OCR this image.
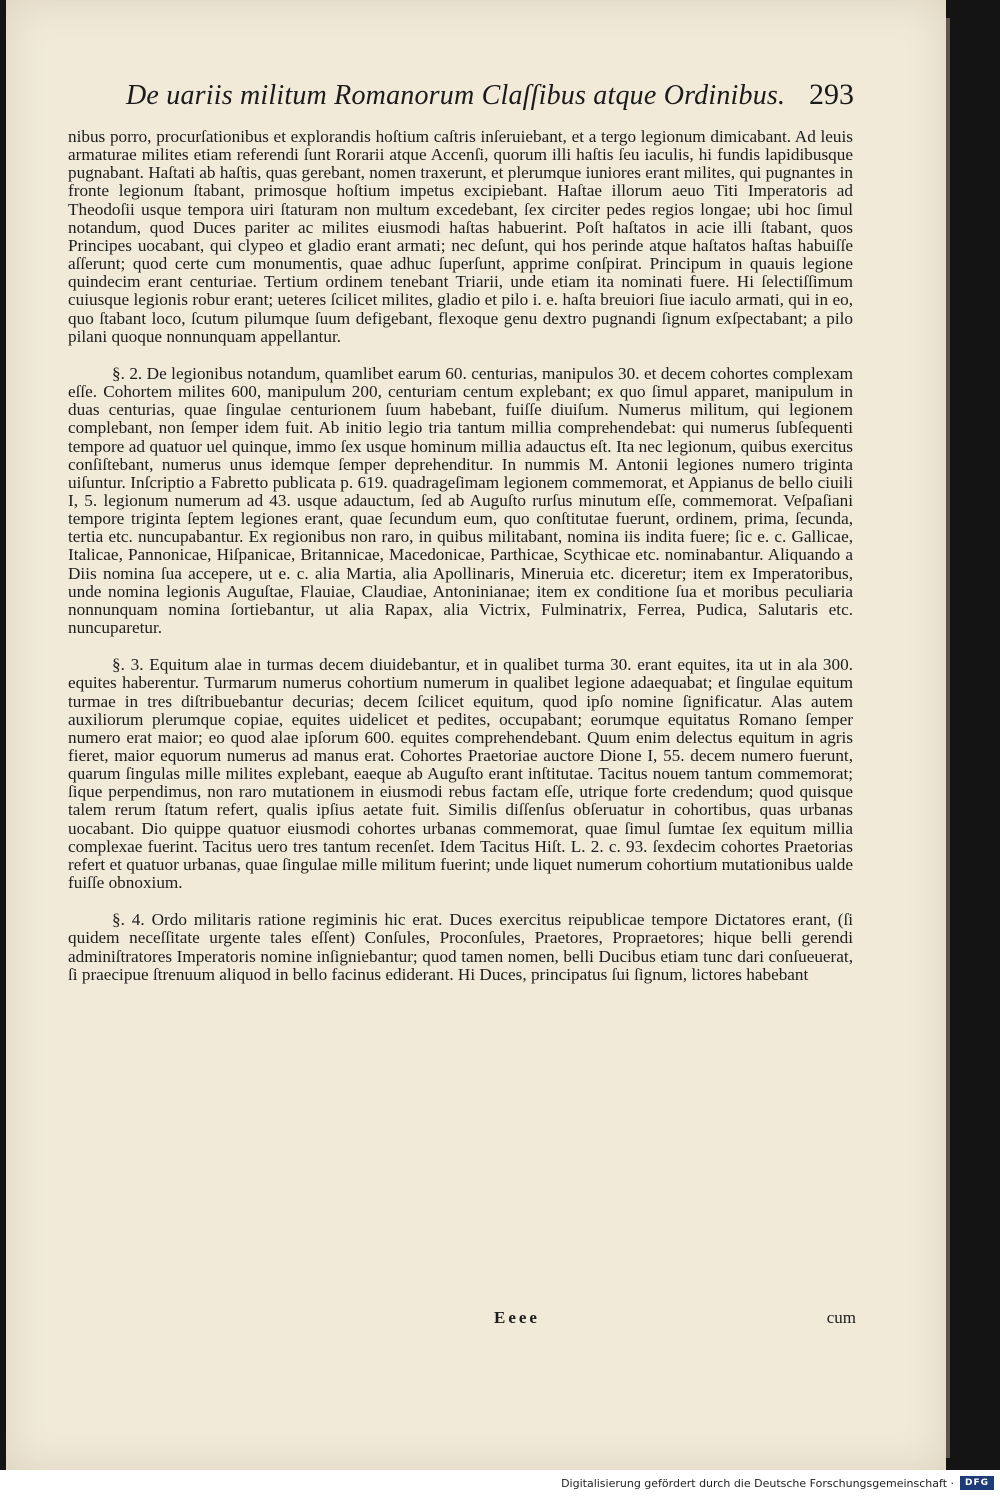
De uariis militum Romanorum Claſſibus atque Ordinibus. 293

nibus porro, procurſationibus et explorandis hoſtium caſtris inſeruiebant, et a tergo legionum dimicabant. Ad leuis armaturae milites etiam referendi ſunt Rorarii atque Accenſi, quorum illi haſtis ſeu iaculis, hi fundis lapidibusque pugnabant. Haſtati ab haſtis, quas gerebant, nomen traxerunt, et plerumque iuniores erant milites, qui pugnantes in fronte legionum ſtabant, primosque hoſtium impetus excipiebant. Haſtae illorum aeuo Titi Imperatoris ad Theodoſii usque tempora uiri ſtaturam non multum excedebant, ſex circiter pedes regios longae; ubi hoc ſimul notandum, quod Duces pariter ac milites eiusmodi haſtas habuerint. Poſt haſtatos in acie illi ſtabant, quos Principes uocabant, qui clypeo et gladio erant armati; nec deſunt, qui hos perinde atque haſtatos haſtas habuiſſe aſſerunt; quod certe cum monumentis, quae adhuc ſuperſunt, apprime conſpirat. Principum in quauis legione quindecim erant centuriae. Tertium ordinem tenebant Triarii, unde etiam ita nominati fuere. Hi ſelectiſſimum cuiusque legionis robur erant; ueteres ſcilicet milites, gladio et pilo i. e. haſta breuiori ſiue iaculo armati, qui in eo, quo ſtabant loco, ſcutum pilumque ſuum defigebant, flexoque genu dextro pugnandi ſignum exſpectabant; a pilo pilani quoque nonnunquam appellantur.

§. 2. De legionibus notandum, quamlibet earum 60. centurias, manipulos 30. et decem cohortes complexam eſſe. Cohortem milites 600, manipulum 200, centuriam centum explebant; ex quo ſimul apparet, manipulum in duas centurias, quae ſingulae centurionem ſuum habebant, fuiſſe diuiſum. Numerus militum, qui legionem complebant, non ſemper idem fuit. Ab initio legio tria tantum millia comprehendebat: qui numerus ſubſequenti tempore ad quatuor uel quinque, immo ſex usque hominum millia adauctus eſt. Ita nec legionum, quibus exercitus conſiſtebant, numerus unus idemque ſemper deprehenditur. In nummis M. Antonii legiones numero triginta uiſuntur. Inſcriptio a Fabretto publicata p. 619. quadrageſimam legionem commemorat, et Appianus de bello ciuili I, 5. legionum numerum ad 43. usque adauctum, ſed ab Auguſto rurſus minutum eſſe, commemorat. Veſpaſiani tempore triginta ſeptem legiones erant, quae ſecundum eum, quo conſtitutae fuerunt, ordinem, prima, ſecunda, tertia etc. nuncupabantur. Ex regionibus non raro, in quibus militabant, nomina iis indita fuere; ſic e. c. Gallicae, Italicae, Pannonicae, Hiſpanicae, Britannicae, Macedonicae, Parthicae, Scythicae etc. nominabantur. Aliquando a Diis nomina ſua accepere, ut e. c. alia Martia, alia Apollinaris, Mineruia etc. diceretur; item ex Imperatoribus, unde nomina legionis Auguſtae, Flauiae, Claudiae, Antoninianae; item ex conditione ſua et moribus peculiaria nonnunquam nomina ſortiebantur, ut alia Rapax, alia Victrix, Fulminatrix, Ferrea, Pudica, Salutaris etc. nuncuparetur.

§. 3. Equitum alae in turmas decem diuidebantur, et in qualibet turma 30. erant equites, ita ut in ala 300. equites haberentur. Turmarum numerus cohortium numerum in qualibet legione adaequabat; et ſingulae equitum turmae in tres diſtribuebantur decurias; decem ſcilicet equitum, quod ipſo nomine ſignificatur. Alas autem auxiliorum plerumque copiae, equites uidelicet et pedites, occupabant; eorumque equitatus Romano ſemper numero erat maior; eo quod alae ipſorum 600. equites comprehendebant. Quum enim delectus equitum in agris fieret, maior equorum numerus ad manus erat. Cohortes Praetoriae auctore Dione I, 55. decem numero fuerunt, quarum ſingulas mille milites explebant, eaeque ab Auguſto erant inſtitutae. Tacitus nouem tantum commemorat; ſique perpendimus, non raro mutationem in eiusmodi rebus factam eſſe, utrique forte credendum; quod quisque talem rerum ſtatum refert, qualis ipſius aetate fuit. Similis diſſenſus obſeruatur in cohortibus, quas urbanas uocabant. Dio quippe quatuor eiusmodi cohortes urbanas commemorat, quae ſimul ſumtae ſex equitum millia complexae fuerint. Tacitus uero tres tantum recenſet. Idem Tacitus Hiſt. L. 2. c. 93. ſexdecim cohortes Praetorias refert et quatuor urbanas, quae ſingulae mille militum fuerint; unde liquet numerum cohortium mutationibus ualde fuiſſe obnoxium.

§. 4. Ordo militaris ratione regiminis hic erat. Duces exercitus reipublicae tempore Dictatores erant, (ſi quidem neceſſitate urgente tales eſſent) Conſules, Proconſules, Praetores, Propraetores; hique belli gerendi adminiſtratores Imperatoris nomine inſigniebantur; quod tamen nomen, belli Ducibus etiam tunc dari conſueuerat, ſi praecipue ſtrenuum aliquod in bello facinus ediderant. Hi Duces, principatus ſui ſignum, lictores habebant

Eeee	cum
Digitalisierung gefördert durch die Deutsche Forschungsgemeinschaft ·	DFG
